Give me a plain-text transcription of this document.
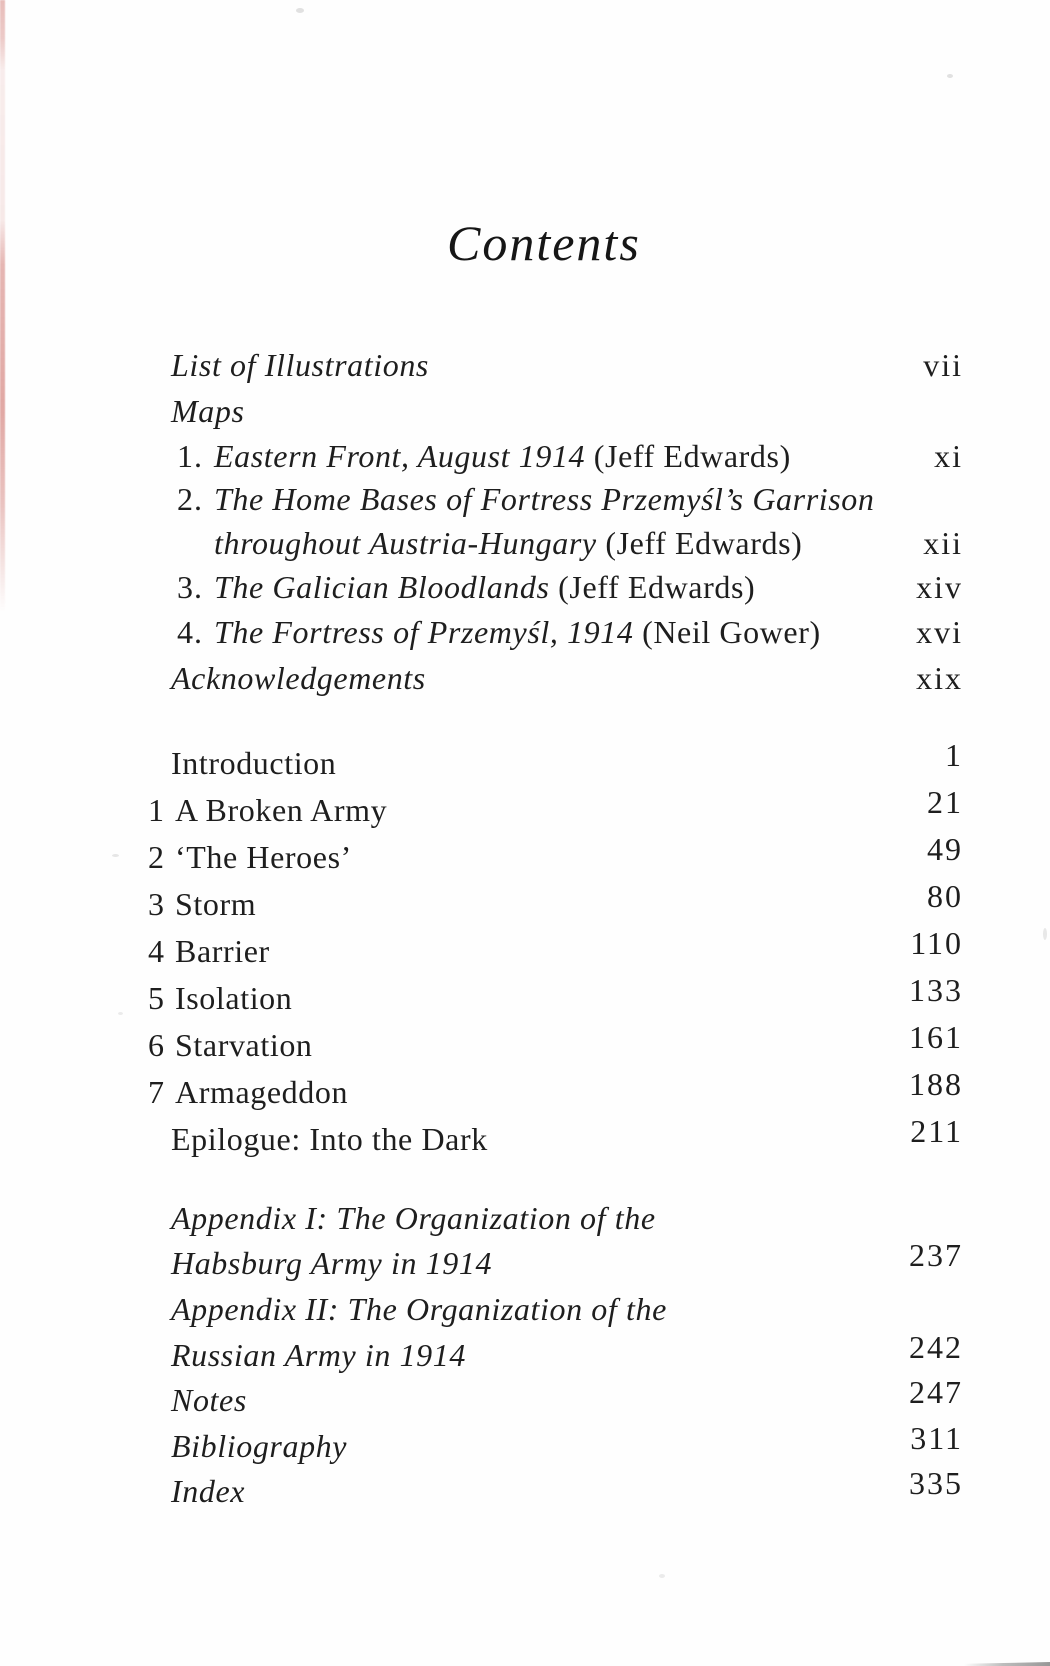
Contents
List of Illustrations	vii
Maps
1. Eastern Front, August 1914 (Jeff Edwards)	xi
2. The Home Bases of Fortress Przemyśl’s Garrison
throughout Austria-Hungary (Jeff Edwards)	xii
3. The Galician Bloodlands (Jeff Edwards)	xiv
4. The Fortress of Przemyśl, 1914 (Neil Gower)	xvi
Acknowledgements	xix
Introduction	1
1 A Broken Army	21
2 ‘The Heroes’	49
3 Storm	80
4 Barrier	110
5 Isolation	133
6 Starvation	161
7 Armageddon	188
Epilogue: Into the Dark	211
Appendix I: The Organization of the
Habsburg Army in 1914	237
Appendix II: The Organization of the
Russian Army in 1914	242
Notes	247
Bibliography	311
Index	335
